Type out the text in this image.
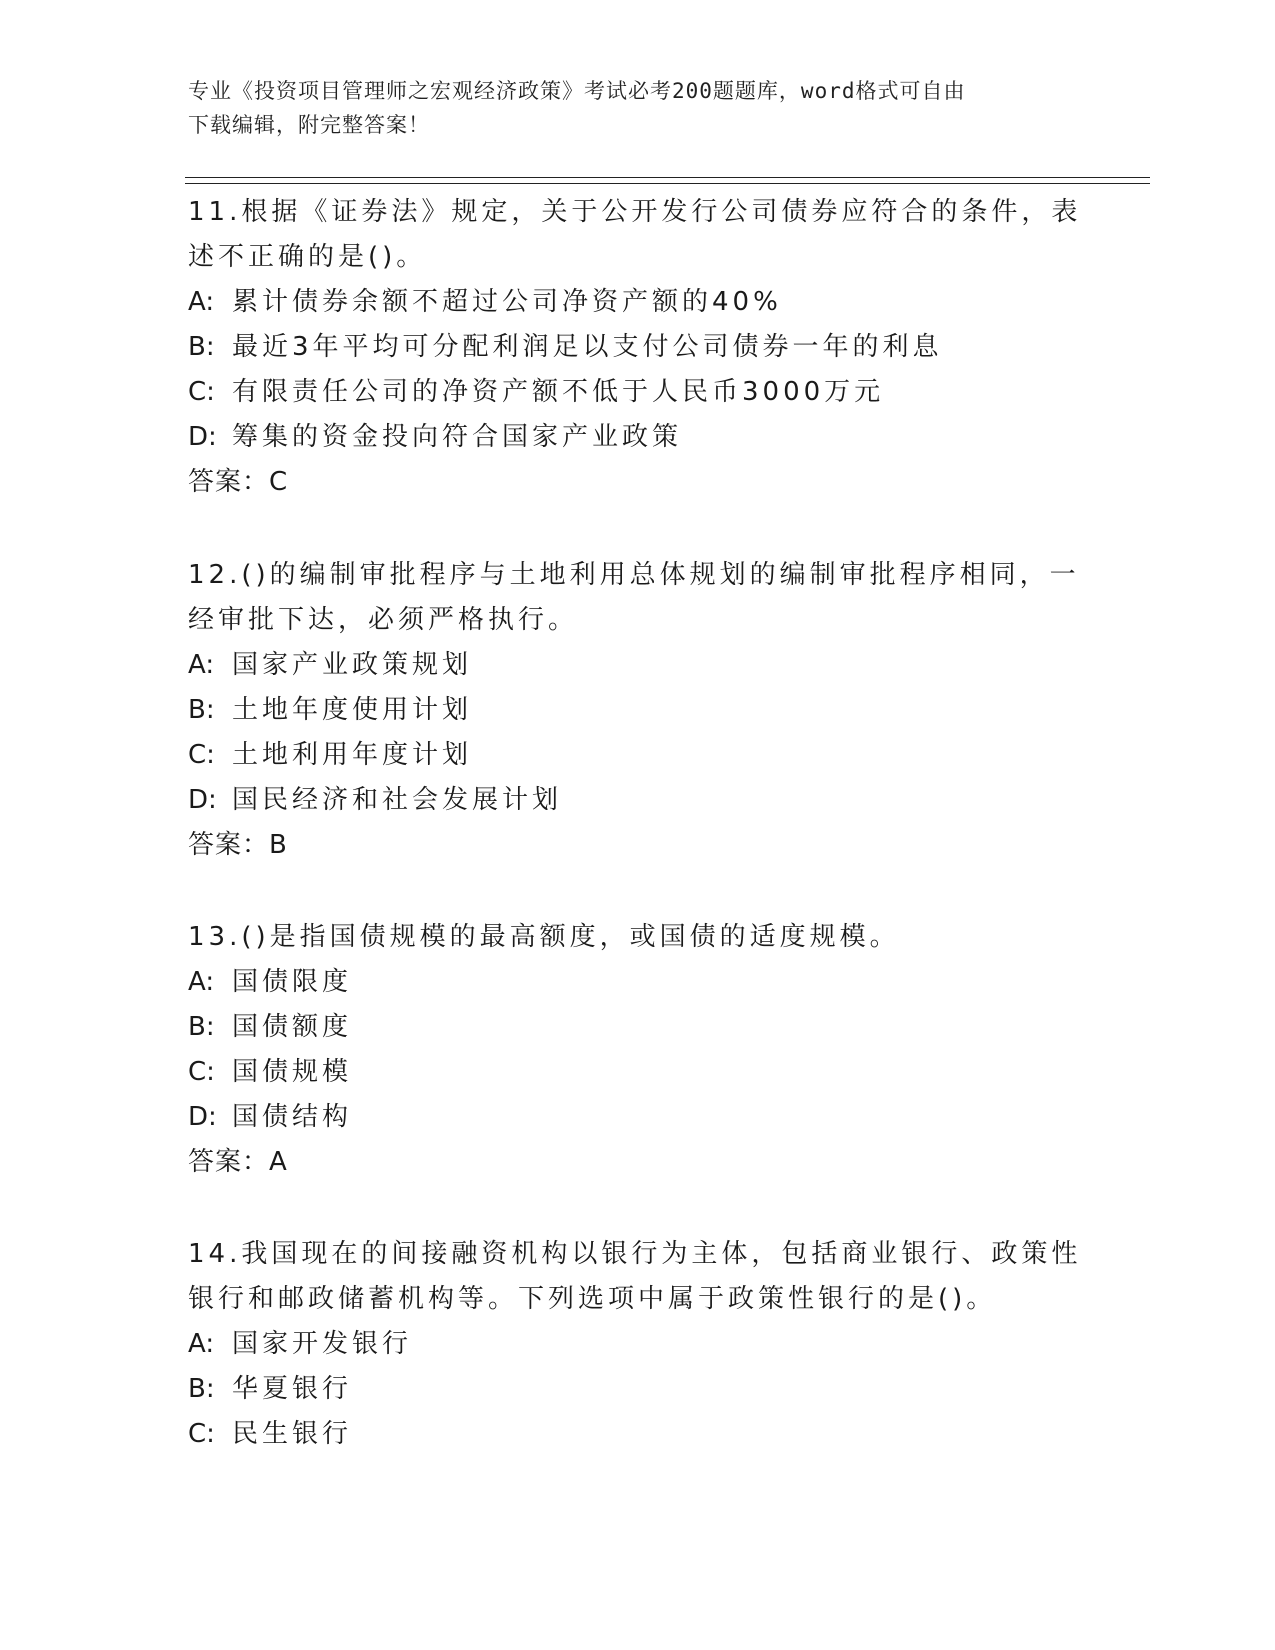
专业《投资项目管理师之宏观经济政策》考试必考200题题库，word格式可自由
下载编辑，附完整答案！

11.根据《证券法》规定，关于公开发行公司债券应符合的条件，表述不正确的是()。

A: 累计债券余额不超过公司净资产额的40%

B: 最近3年平均可分配利润足以支付公司债券一年的利息

C: 有限责任公司的净资产额不低于人民币3000万元

D: 筹集的资金投向符合国家产业政策

答案：C

12.()的编制审批程序与土地利用总体规划的编制审批程序相同，一经审批下达，必须严格执行。

A: 国家产业政策规划

B: 土地年度使用计划

C: 土地利用年度计划

D: 国民经济和社会发展计划

答案：B

13.()是指国债规模的最高额度，或国债的适度规模。

A: 国债限度

B: 国债额度

C: 国债规模

D: 国债结构

答案：A

14.我国现在的间接融资机构以银行为主体，包括商业银行、政策性银行和邮政储蓄机构等。下列选项中属于政策性银行的是()。

A: 国家开发银行

B: 华夏银行

C: 民生银行
